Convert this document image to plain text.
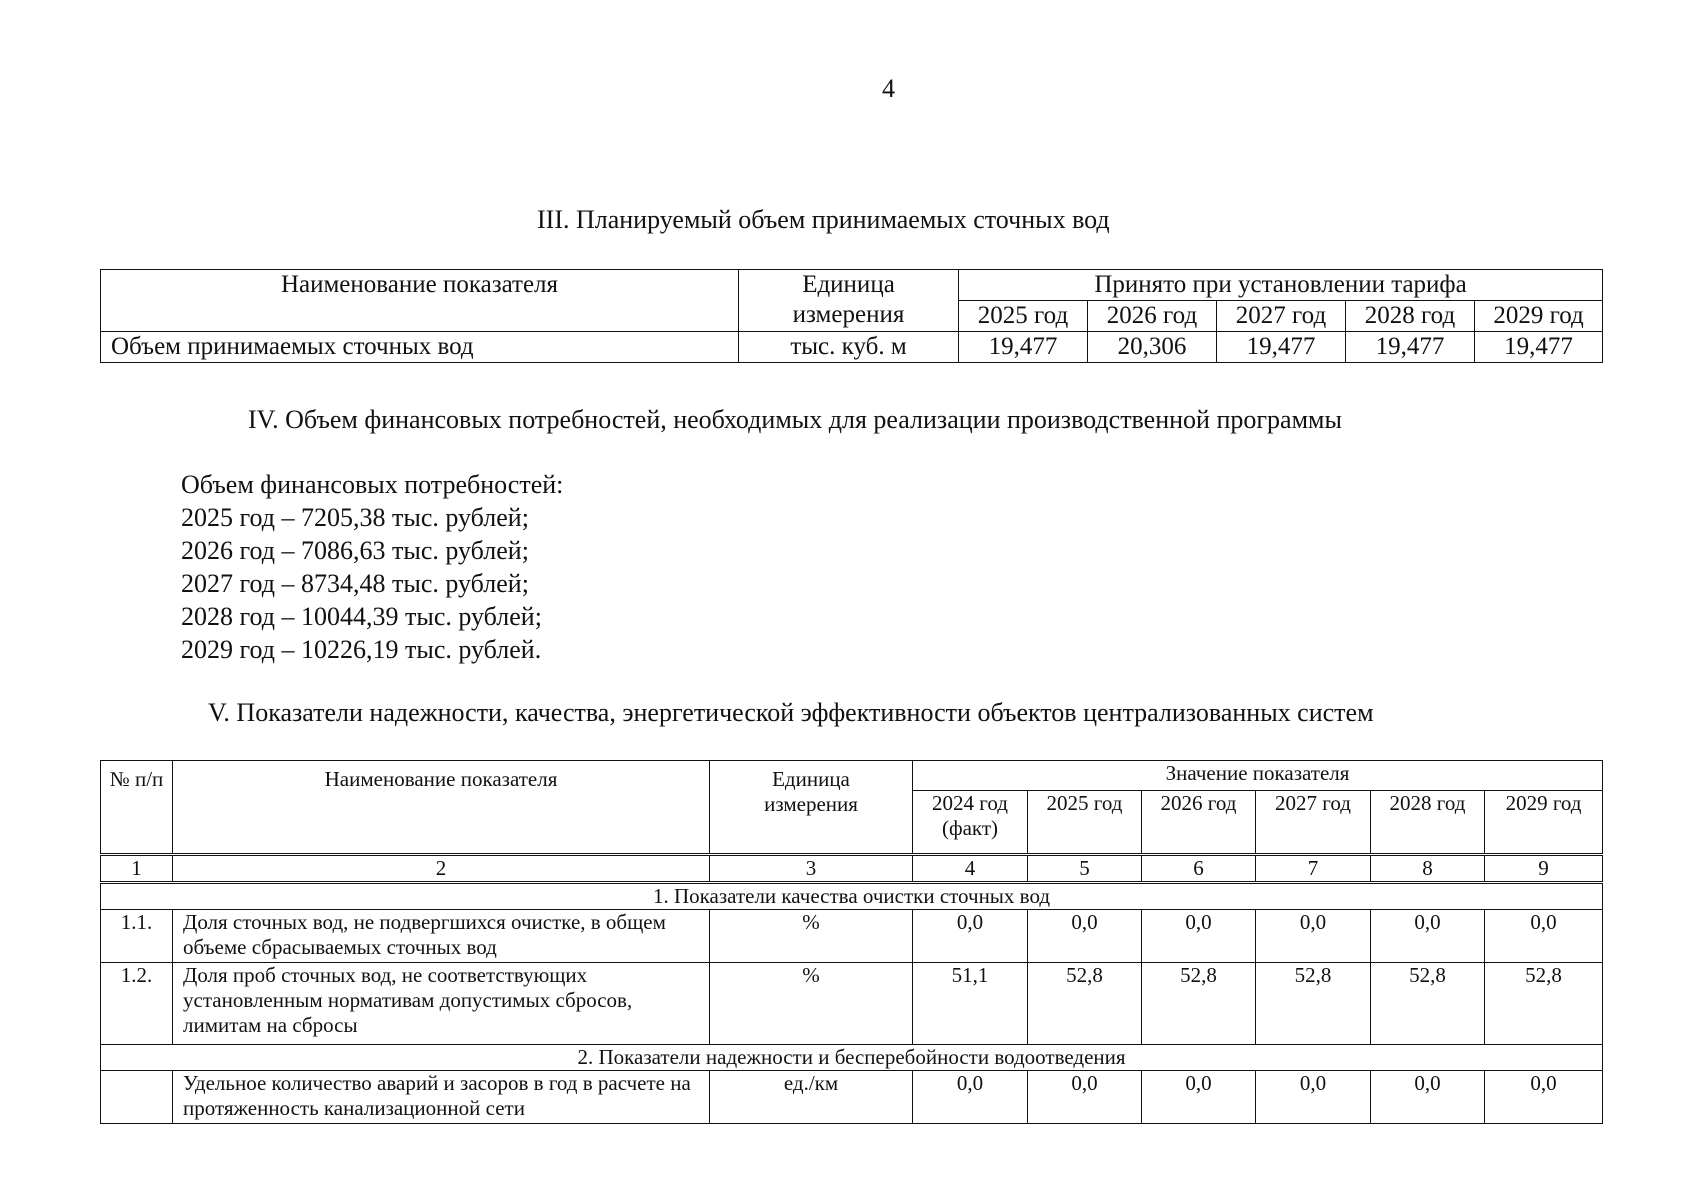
4
III. Планируемый объем принимаемых сточных вод
Наименование показателя	Единица измерения	Принято при установлении тарифа				
		2025 год	2026 год	2027 год	2028 год	2029 год
Объем принимаемых сточных вод	тыс. куб. м	19,477	20,306	19,477	19,477	19,477
IV. Объем финансовых потребностей, необходимых для реализации производственной программы
Объем финансовых потребностей:
2025 год – 7205,38 тыс. рублей;
2026 год – 7086,63 тыс. рублей;
2027 год – 8734,48 тыс. рублей;
2028 год – 10044,39 тыс. рублей;
2029 год – 10226,19 тыс. рублей.
V. Показатели надежности, качества, энергетической эффективности объектов централизованных систем
№ п/п	Наименование показателя	Единица измерения	Значение показателя					
			2024 год (факт)	2025 год	2026 год	2027 год	2028 год	2029 год
1	2	3	4	5	6	7	8	9
1. Показатели качества очистки сточных вод								
1.1.	Доля сточных вод, не подвергшихся очистке, в общем объеме сбрасываемых сточных вод	%	0,0	0,0	0,0	0,0	0,0	0,0
1.2.	Доля проб сточных вод, не соответствующих установленным нормативам допустимых сбросов, лимитам на сбросы	%	51,1	52,8	52,8	52,8	52,8	52,8
2. Показатели надежности и бесперебойности водоотведения								
	Удельное количество аварий и засоров в год в расчете на протяженность канализационной сети	ед./км	0,0	0,0	0,0	0,0	0,0	0,0
